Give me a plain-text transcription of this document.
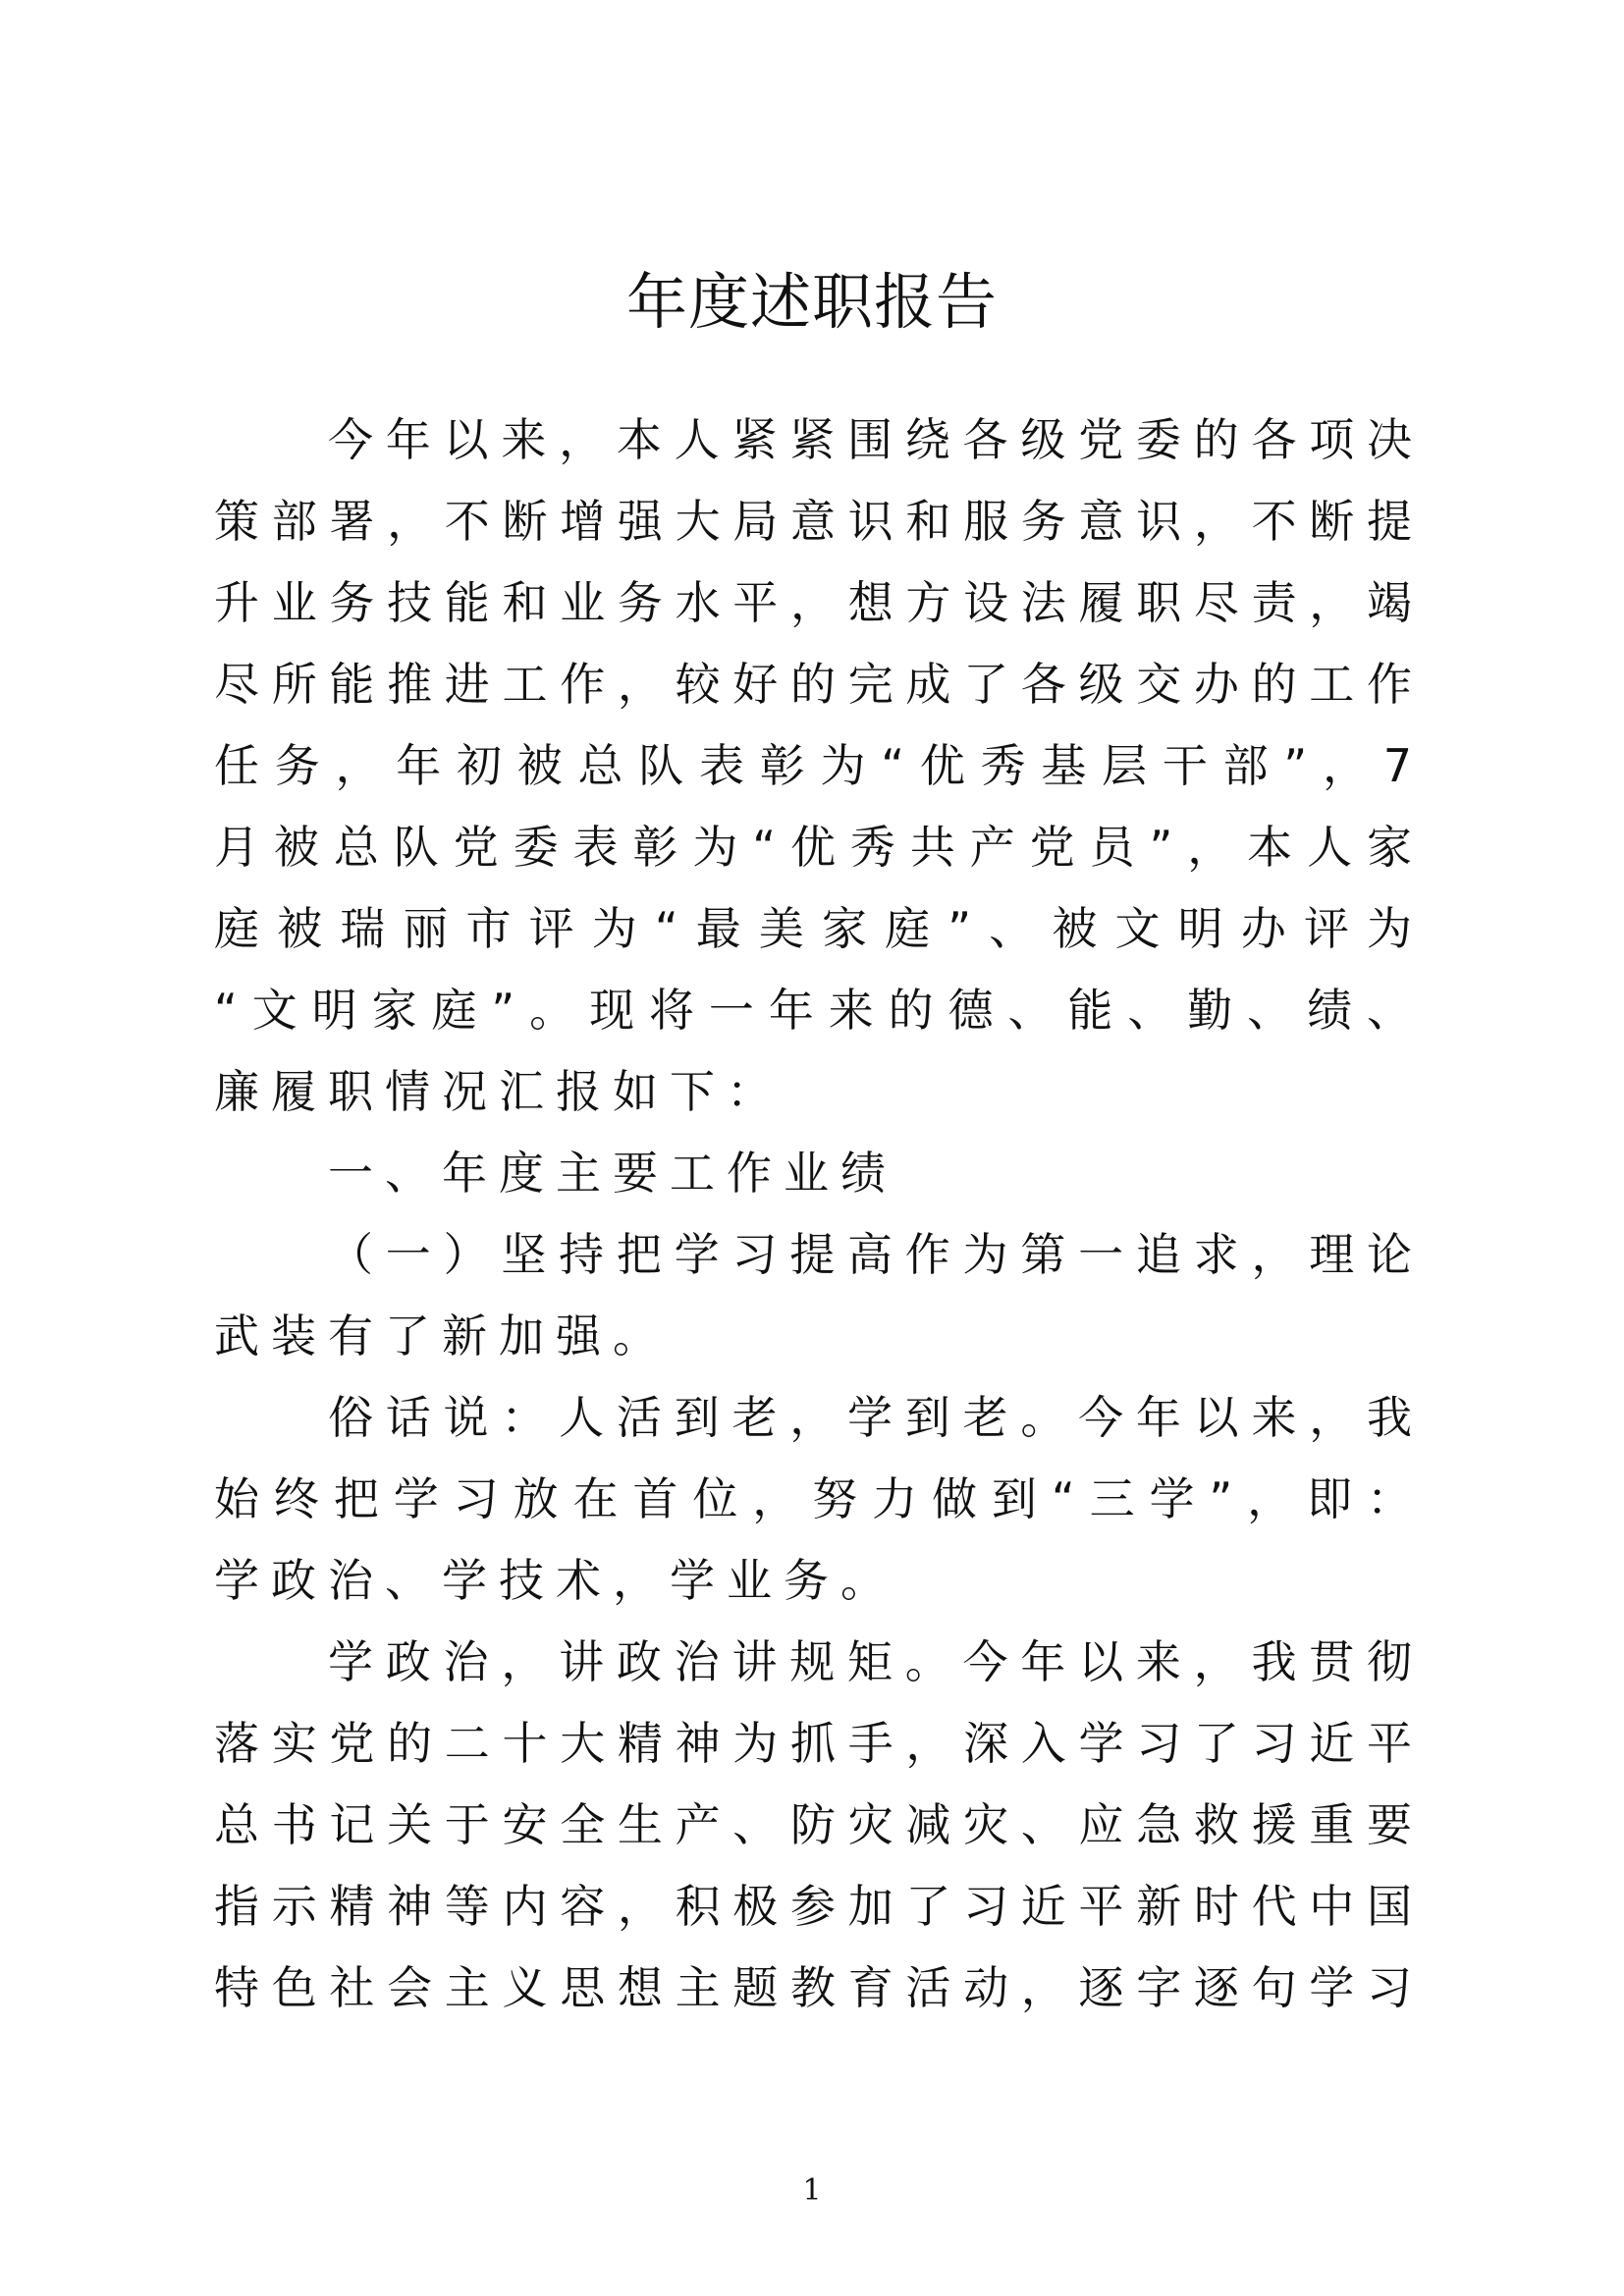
年度述职报告
今年以来，本人紧紧围绕各级党委的各项决
策部署，不断增强大局意识和服务意识，不断提
升业务技能和业务水平，想方设法履职尽责，竭
尽所能推进工作，较好的完成了各级交办的工作
任务，年初被总队表彰为“优秀基层干部”，7
月被总队党委表彰为“优秀共产党员”，本人家
庭被瑞丽市评为“最美家庭”、被文明办评为
“文明家庭”。现将一年来的德、能、勤、绩、
廉履职情况汇报如下：
一、年度主要工作业绩
（一）坚持把学习提高作为第一追求，理论
武装有了新加强。
俗话说：人活到老，学到老。今年以来，我
始终把学习放在首位，努力做到“三学”，即：
学政治、学技术，学业务。
学政治，讲政治讲规矩。今年以来，我贯彻
落实党的二十大精神为抓手，深入学习了习近平
总书记关于安全生产、防灾减灾、应急救援重要
指示精神等内容，积极参加了习近平新时代中国
特色社会主义思想主题教育活动，逐字逐句学习
1
